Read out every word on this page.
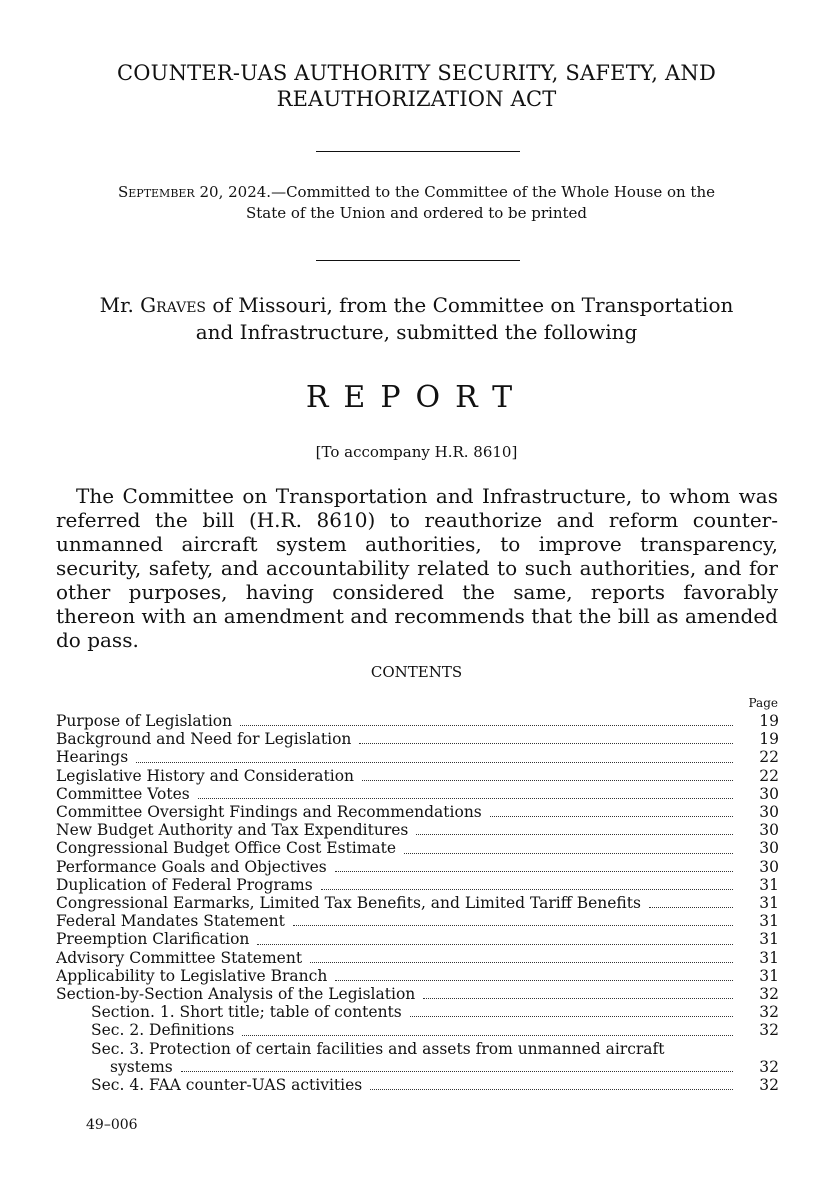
COUNTER-UAS AUTHORITY SECURITY, SAFETY, AND
REAUTHORIZATION ACT
September 20, 2024.—Committed to the Committee of the Whole House on the
State of the Union and ordered to be printed
Mr. Graves of Missouri, from the Committee on Transportation
and Infrastructure, submitted the following
REPORT
[To accompany H.R. 8610]

The Committee on Transportation and Infrastructure, to whom was referred the bill (H.R. 8610) to reauthorize and reform counter-unmanned aircraft system authorities, to improve transparency, security, safety, and accountability related to such authorities, and for other purposes, having considered the same, reports favorably thereon with an amendment and recommends that the bill as amended do pass.

CONTENTS
Page
Purpose of Legislation	19
Background and Need for Legislation	19
Hearings	22
Legislative History and Consideration	22
Committee Votes	30
Committee Oversight Findings and Recommendations	30
New Budget Authority and Tax Expenditures	30
Congressional Budget Office Cost Estimate	30
Performance Goals and Objectives	30
Duplication of Federal Programs	31
Congressional Earmarks, Limited Tax Benefits, and Limited Tariff Benefits	31
Federal Mandates Statement	31
Preemption Clarification	31
Advisory Committee Statement	31
Applicability to Legislative Branch	31
Section-by-Section Analysis of the Legislation	32
Section. 1. Short title; table of contents	32
Sec. 2. Definitions	32
Sec. 3. Protection of certain facilities and assets from unmanned aircraft
systems	32
Sec. 4. FAA counter-UAS activities	32
49–006
